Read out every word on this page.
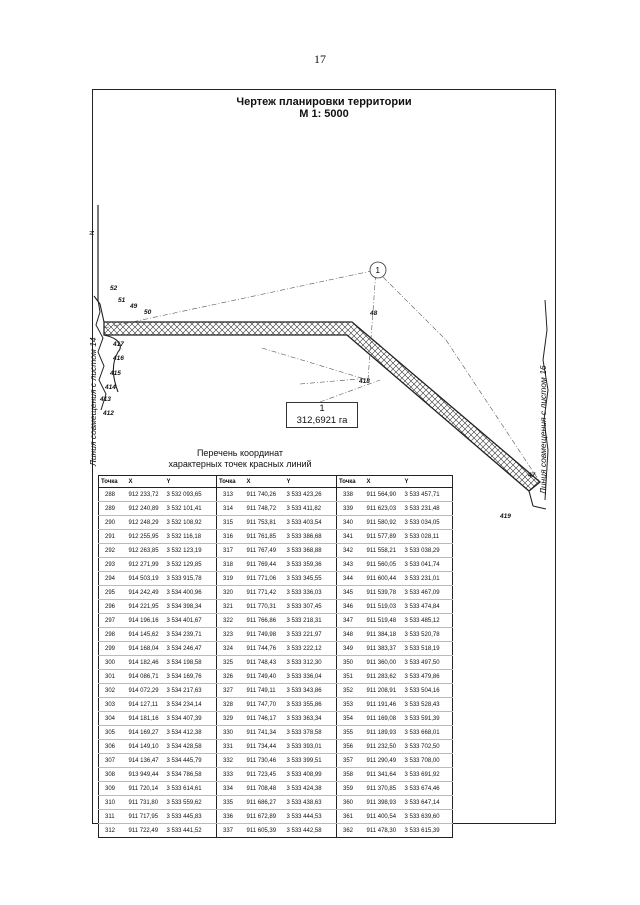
17
Чертеж планировки территории
М 1: 5000
N
1
52
51
49
50	48
417
416
415
414
413
412
418
47
419
Линия совмещения с листом 14	Линия совмещения с листом 16
1
312,6921 га
Перечень координат
характерных точек красных линий
Точка	X	Y	Точка	X	Y	Точка	X	Y
288	912 233,72	3 532 093,65	313	911 740,26	3 533 423,26	338	911 564,90	3 533 457,71
289	912 240,89	3 532 101,41	314	911 748,72	3 533 411,82	339	911 623,03	3 533 231,48
290	912 248,29	3 532 108,92	315	911 753,81	3 533 403,54	340	911 580,92	3 533 034,05
291	912 255,95	3 532 116,18	316	911 761,85	3 533 386,68	341	911 577,89	3 533 028,11
292	912 263,85	3 532 123,19	317	911 767,49	3 533 368,88	342	911 558,21	3 533 038,29
293	912 271,99	3 532 129,85	318	911 769,44	3 533 359,36	343	911 560,05	3 533 041,74
294	914 503,19	3 533 915,78	319	911 771,06	3 533 345,55	344	911 600,44	3 533 231,01
295	914 242,49	3 534 400,96	320	911 771,42	3 533 336,03	345	911 539,78	3 533 467,09
296	914 221,95	3 534 398,34	321	911 770,31	3 533 307,45	346	911 519,03	3 533 474,84
297	914 196,16	3 534 401,67	322	911 766,86	3 533 218,31	347	911 519,48	3 533 485,12
298	914 145,62	3 534 239,71	323	911 749,98	3 533 221,97	348	911 384,18	3 533 520,78
299	914 168,04	3 534 246,47	324	911 744,76	3 533 222,12	349	911 383,37	3 533 518,19
300	914 182,46	3 534 198,58	325	911 748,43	3 533 312,30	350	911 360,00	3 533 497,50
301	914 086,71	3 534 169,76	326	911 749,40	3 533 336,04	351	911 283,62	3 533 479,86
302	914 072,29	3 534 217,63	327	911 749,11	3 533 343,86	352	911 208,91	3 533 504,16
303	914 127,11	3 534 234,14	328	911 747,70	3 533 355,86	353	911 191,46	3 533 528,43
304	914 181,16	3 534 407,39	329	911 746,17	3 533 363,34	354	911 169,08	3 533 591,39
305	914 169,27	3 534 412,38	330	911 741,34	3 533 378,58	355	911 189,93	3 533 668,01
306	914 149,10	3 534 428,58	331	911 734,44	3 533 393,01	356	911 232,50	3 533 702,50
307	914 136,47	3 534 445,79	332	911 730,46	3 533 399,51	357	911 290,49	3 533 708,00
308	913 949,44	3 534 786,58	333	911 723,45	3 533 408,99	358	911 341,64	3 533 691,92
309	911 720,14	3 533 614,61	334	911 708,48	3 533 424,38	359	911 370,85	3 533 674,46
310	911 731,80	3 533 559,62	335	911 686,27	3 533 438,63	360	911 398,93	3 533 647,14
311	911 717,95	3 533 445,83	336	911 672,89	3 533 444,53	361	911 400,54	3 533 639,60
312	911 722,49	3 533 441,52	337	911 605,39	3 533 442,58	362	911 478,30	3 533 615,39
